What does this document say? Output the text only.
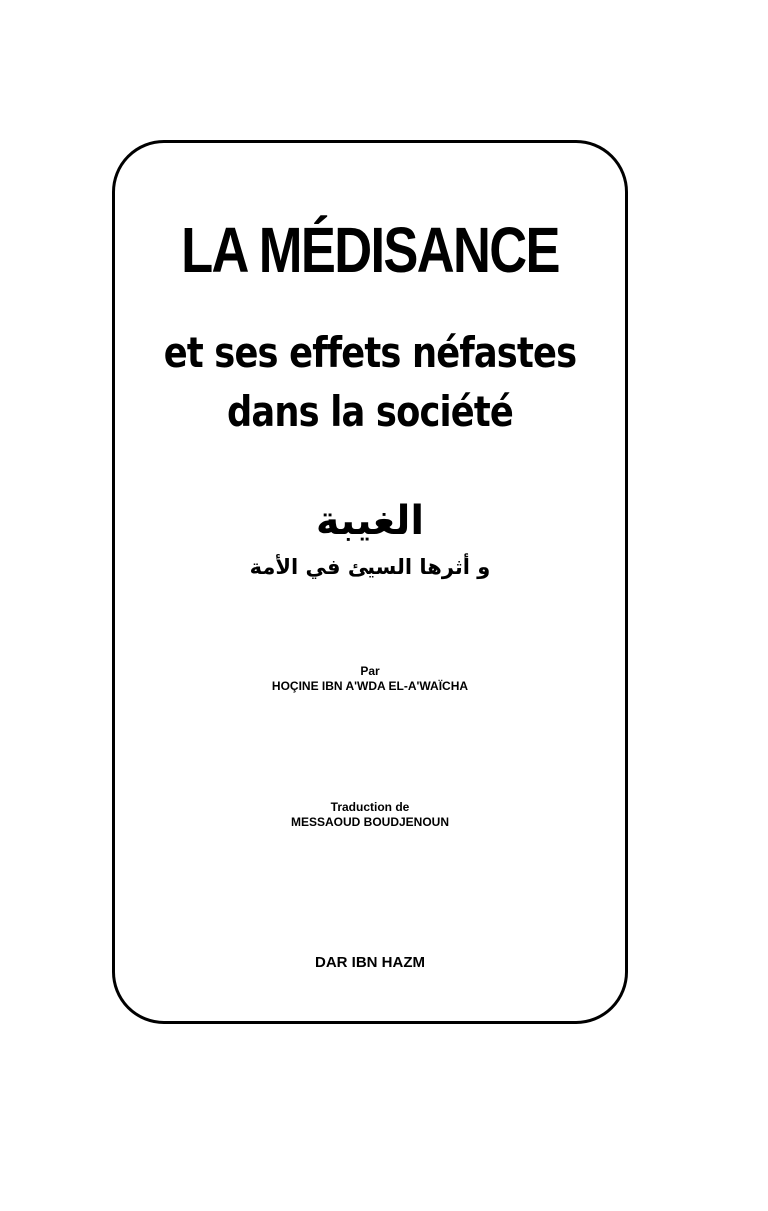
LA MÉDISANCE
et ses effets néfastes
dans la société
الغيبة
و أثرها السيئ في الأمة
Par
HOÇINE IBN A'WDA EL-A'WAÏCHA
Traduction de
MESSAOUD BOUDJENOUN
DAR IBN HAZM
